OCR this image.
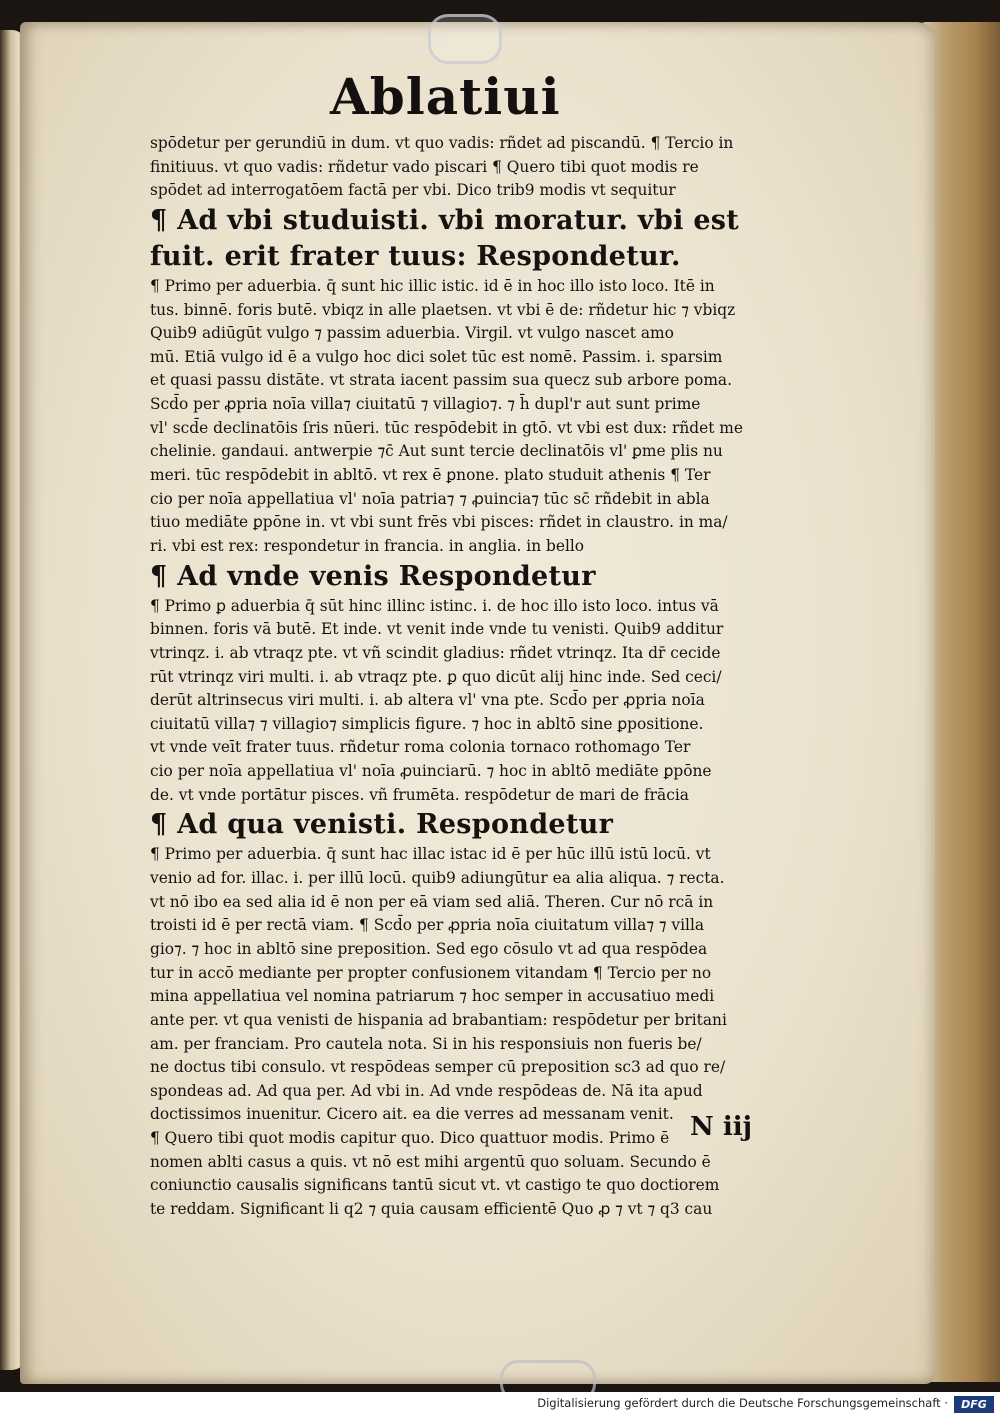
Ablatiui
spōdetur per gerundiū in dum. vt quo vadis: rñdet ad piscandū. ¶ Tercio in
finitiuus. vt quo vadis: rñdetur vado piscari ¶ Quero tibi quot modis re
spōdet ad interrogatōem factā per vbi. Dico trib9 modis vt sequitur
¶ Ad vbi studuisti. vbi moratur. vbi est
fuit. erit frater tuus: Respondetur.
¶ Primo per aduerbia. q̄ sunt hic illic istic. id ē in hoc illo isto loco. Itē in
tus. binnē. foris butē. vbiqz in alle plaetsen. vt vbi ē de: rñdetur hic ⁊ vbiqz
Quib9 adiūgūt vulgo ⁊ passim aduerbia. Virgil. vt vulgo nascet amo
mū. Etiā vulgo id ē a vulgo hoc dici solet tūc est nomē. Passim. i. sparsim
et quasi passu distāte. vt strata iacent passim sua quecz sub arbore poma.
Scd̄o per ꝓpria noīa villa⁊ ciuitatū ⁊ villagio⁊. ⁊ h̄ dupl'r aut sunt prime
vl' scd̄e declinatōis ſris nūeri. tūc respōdebit in gtō. vt vbi est dux: rñdet me
chelinie. gandaui. antwerpie ⁊c̄ Aut sunt tercie declinatōis vl' ꝑme plis nu
meri. tūc respōdebit in abltō. vt rex ē ꝑnone. plato studuit athenis ¶ Ter
cio per noīa appellatiua vl' noīa patria⁊ ⁊ ꝓuincia⁊ tūc sc̄ rñdebit in abla
tiuo mediāte ꝑpōne in. vt vbi sunt frēs vbi pisces: rñdet in claustro. in ma/
ri. vbi est rex: respondetur in francia. in anglia. in bello
¶ Ad vnde venis Respondetur
¶ Primo ꝑ aduerbia q̄ sūt hinc illinc istinc. i. de hoc illo isto loco. intus vā
binnen. foris vā butē. Et inde. vt venit inde vnde tu venisti. Quib9 additur
vtrinqz. i. ab vtraqz pte. vt vñ scindit gladius: rñdet vtrinqz. Ita dr̄ cecide
rūt vtrinqz viri multi. i. ab vtraqz pte. ꝑ quo dicūt alij hinc inde. Sed ceci/
derūt altrinsecus viri multi. i. ab altera vl' vna pte. Scd̄o per ꝓpria noīa
ciuitatū villa⁊ ⁊ villagio⁊ simplicis figure. ⁊ hoc in abltō sine ꝑpositione.
vt vnde veīt frater tuus. rñdetur roma colonia tornaco rothomago Ter
cio per noīa appellatiua vl' noīa ꝓuinciarū. ⁊ hoc in abltō mediāte ꝑpōne
de. vt vnde portātur pisces. vñ frumēta. respōdetur de mari de frācia
¶ Ad qua venisti. Respondetur
¶ Primo per aduerbia. q̄ sunt hac illac istac id ē per hūc illū istū locū. vt
venio ad for. illac. i. per illū locū. quib9 adiungūtur ea alia aliqua. ⁊ recta.
vt nō ibo ea sed alia id ē non per eā viam sed aliā. Theren. Cur nō rcā in
troisti id ē per rectā viam. ¶ Scd̄o per ꝓpria noīa ciuitatum villa⁊ ⁊ villa
gio⁊. ⁊ hoc in abltō sine preposition. Sed ego cōsulo vt ad qua respōdea
tur in accō mediante per propter confusionem vitandam ¶ Tercio per no
mina appellatiua vel nomina patriarum ⁊ hoc semper in accusatiuo medi
ante per. vt qua venisti de hispania ad brabantiam: respōdetur per britani
am. per franciam. Pro cautela nota. Si in his responsiuis non fueris be/
ne doctus tibi consulo. vt respōdeas semper cū preposition sc3 ad quo re/
spondeas ad. Ad qua per. Ad vbi in. Ad vnde respōdeas de. Nā ita apud
doctissimos inuenitur. Cicero ait. ea die verres ad messanam venit.
¶ Quero tibi quot modis capitur quo. Dico quattuor modis. Primo ē
nomen ablti casus a quis. vt nō est mihi argentū quo soluam. Secundo ē
coniunctio causalis significans tantū sicut vt. vt castigo te quo doctiorem
te reddam. Significant li q2 ⁊ quia causam efficientē Quo ꝓ ⁊ vt ⁊ q3 cau
N iij
Digitalisierung gefördert durch die Deutsche Forschungsgemeinschaft ·	DFG
